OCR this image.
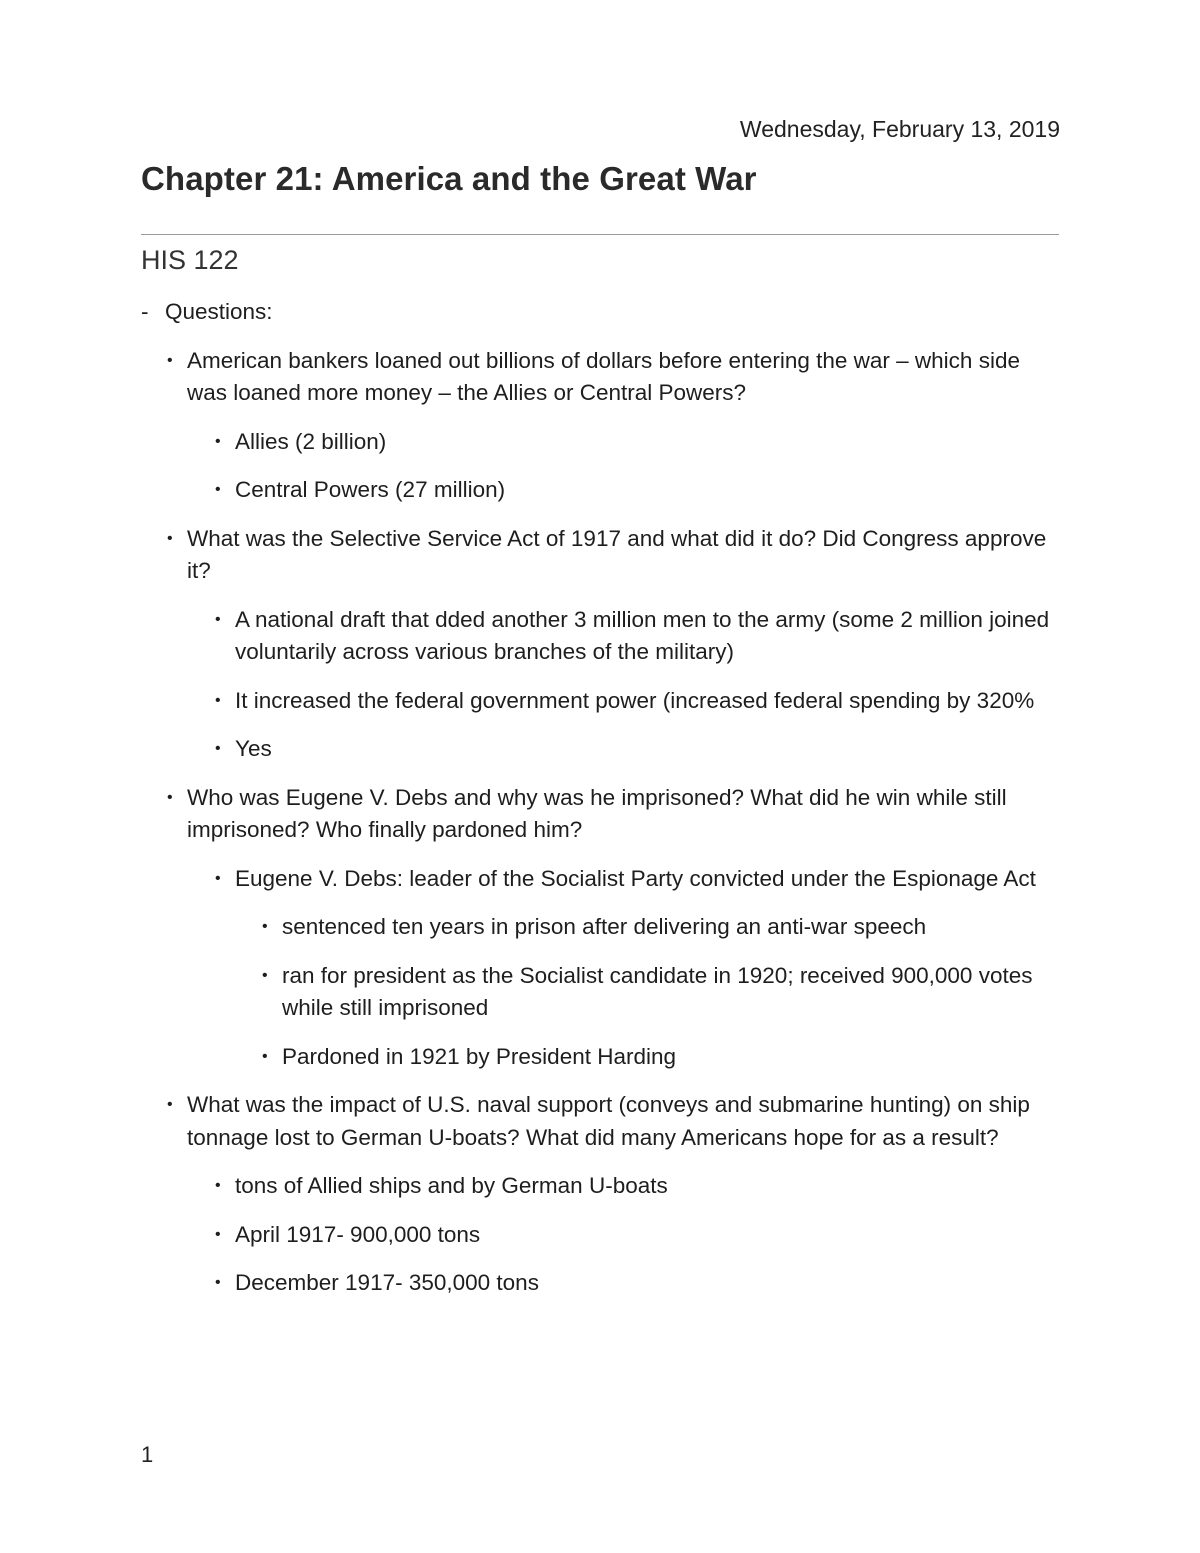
Wednesday, February 13, 2019
Chapter 21: America and the Great War
HIS 122
- Questions:
• American bankers loaned out billions of dollars before entering the war – which side was loaned more money – the Allies or Central Powers?
• Allies (2 billion)
• Central Powers (27 million)
• What was the Selective Service Act of 1917 and what did it do? Did Congress approve it?
• A national draft that dded another 3 million men to the army (some 2 million joined voluntarily across various branches of the military)
• It increased the federal government power (increased federal spending by 320%
• Yes
• Who was Eugene V. Debs and why was he imprisoned? What did he win while still imprisoned? Who finally pardoned him?
• Eugene V. Debs: leader of the Socialist Party convicted under the Espionage Act
• sentenced ten years in prison after delivering an anti-war speech
• ran for president as the Socialist candidate in 1920; received 900,000 votes while still imprisoned
• Pardoned in 1921 by President Harding
• What was the impact of U.S. naval support (conveys and submarine hunting) on ship tonnage lost to German U-boats? What did many Americans hope for as a result?
• tons of Allied ships and by German U-boats
• April 1917- 900,000 tons
• December 1917- 350,000 tons
1
